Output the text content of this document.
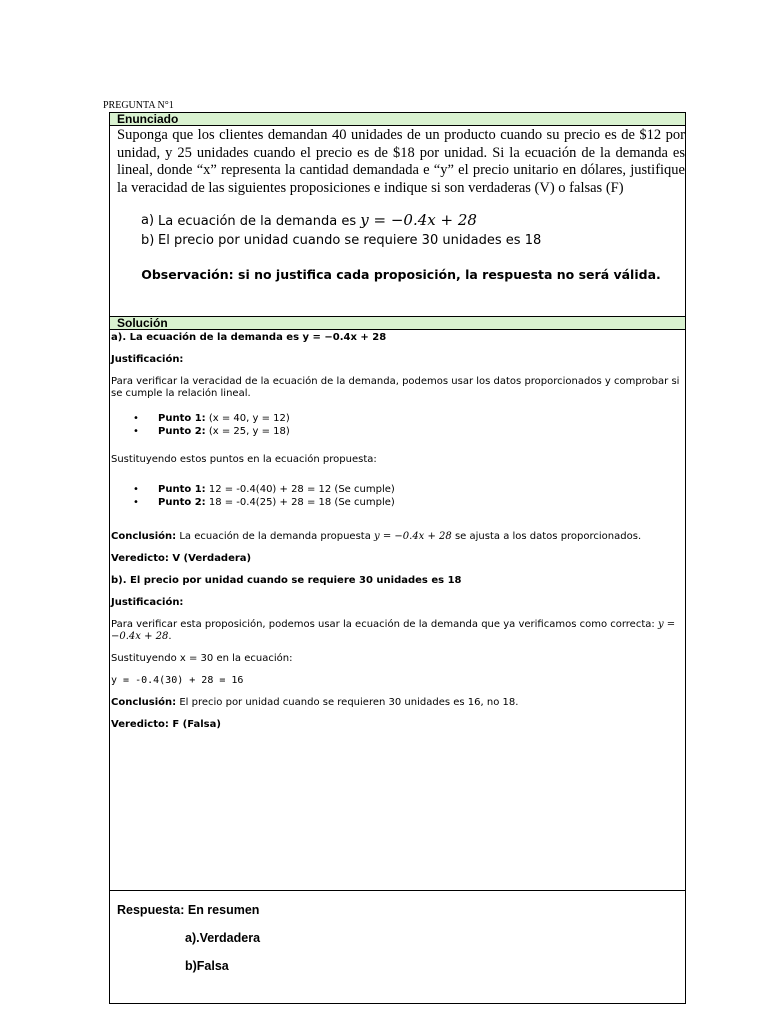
PREGUNTA N°1
Enunciado
Suponga que los clientes demandan 40 unidades de un producto cuando su precio es de $12 por unidad, y 25 unidades cuando el precio es de $18 por unidad. Si la ecuación de la demanda es lineal, donde “x” representa la cantidad demandada e “y” el precio unitario en dólares, justifique la veracidad de las siguientes proposiciones e indique si son verdaderas (V) o falsas (F)
a) La ecuación de la demanda es y = −0.4x + 28
b) El precio por unidad cuando se requiere 30 unidades es 18
Observación: si no justifica cada proposición, la respuesta no será válida.
Solución

a). La ecuación de la demanda es y = −0.4x + 28

Justificación:

Para verificar la veracidad de la ecuación de la demanda, podemos usar los datos proporcionados y comprobar si se cumple la relación lineal.

• Punto 1: (x = 40, y = 12)
• Punto 2: (x = 25, y = 18)

Sustituyendo estos puntos en la ecuación propuesta:

• Punto 1: 12 = -0.4(40) + 28 = 12 (Se cumple)
• Punto 2: 18 = -0.4(25) + 28 = 18 (Se cumple)

Conclusión: La ecuación de la demanda propuesta y = −0.4x + 28 se ajusta a los datos proporcionados.

Veredicto: V (Verdadera)

b). El precio por unidad cuando se requiere 30 unidades es 18

Justificación:

Para verificar esta proposición, podemos usar la ecuación de la demanda que ya verificamos como correcta: y = −0.4x + 28.

Sustituyendo x = 30 en la ecuación:

y = -0.4(30) + 28 = 16

Conclusión: El precio por unidad cuando se requieren 30 unidades es 16, no 18.

Veredicto: F (Falsa)

Respuesta: En resumen
a).Verdadera
b)Falsa
